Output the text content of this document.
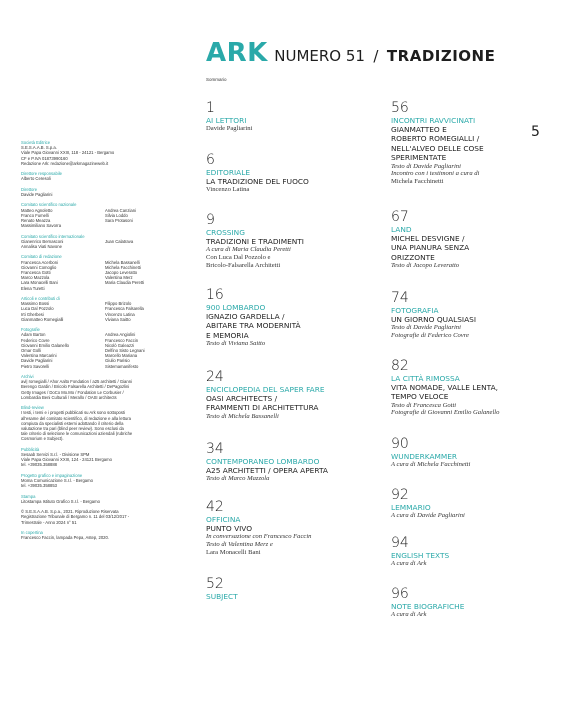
ARK NUMERO 51 / TRADIZIONE
Sommario
5
Società Editrice
S.E.S.A.A.B. S.p.a.
Viale Papa Giovanni XXIII, 118 - 24121 - Bergamo
CF e P.IVA 01873990160
Redazione Ark: redazione@arkmagazineweb.it
Direttore responsabile
Alberto Ceresoli
Direttore
Davide Pagliarini
Comitato scientifico nazionale
Matteo Agnoletto
Franco Fumelli
Renato Meazza
Massimiliano Savorra
Andrea Canziani
Silvia Loddo
Sara Protasoni
Comitato scientifico internazionale
Gianenrico Bernasconi
Annalisa Viati Navone
Juan Calatrava
Comitato di redazione
Francesca Acerboni
Giovanni Comoglio
Francesca Gotti
Marco Mazzola
Lara Monacelli Bani
Elena Turetti
Michela Bassanelli
Michela Facchinetti
Jacopo Leveratto
Valentina Merz
Maria Claudia Peretti
Articoli e contributi di
Massimo Bossi
Luca Dal Pozzolo
Irti Gherbesi
Gianmatteo Romegialli
Filippo Brizolo
Francesca Falsarella
Vincenzo Latina
Viviana Saitto
Fotografie
Adam Barton
Federico Covre
Giovanni Emilio Galanello
Omar Golli
Valentina Marcarini
Davide Pagliarini
Pietro Savorelli
Andrea Angiolini
Francesco Faccin
Nicolò Galeazzi
Delfino Sisto Legnani
Marcello Mariana
Giulio Parisio
Sistemamanifesto
Archivi
avi| romegialli / Ahor Aalto Fondation / a25 architetti / Gianni
Berengo Gardin / Bricolo Falsarella Architetti / DePagozlini
Getty Images / DoCo Mo.Mo / Fondation Le Corbusier /
Lombardia Beni Culturali / Merallo / OASI architects
Blind-review
I testi, i temi e i progetti pubblicati su Ark sono sottoposti
all'esame del comitato scientifico, di redazione e alla lettura
compiuta da specialisti esterni adottando il criterio della
valutazione tra pari (blind peer review). Sono esclusi da
tale criterio di selezione le comunicazioni aziendali (rubriche
Cosmorium e Subject).
Pubblicità
Sesaab Servizi S.r.l. - Divisione SPM
Viale Papa Giovanni XXIII, 124 - 24121 Bergamo
tel. +39035.358888
Progetto grafico e impaginazione
Moma Comunicazione S.r.l. - Bergamo
tel. +39035.358853
Stampa
Litostampa Istituto Grafico S.r.l. - Bergamo
© S.E.S.A.A.B. S.p.a., 2021. Riproduzione Riservata
Registrazione Tribunale di Bergamo n. 11 del 03/12/2017 -
Trimestrale - Anno 2024 n° 51
In copertina
Francesco Faccin, lampada Pepa, Astep, 2020.
1
AI LETTORI
Davide Pagliarini
6
EDITORIALE
LA TRADIZIONE DEL FUOCO
Vincenzo Latina
9
CROSSING
TRADIZIONI E TRADIMENTI
A cura di Maria Claudia Peretti
Con Luca Dal Pozzolo e
Bricolo-Falsarella Architetti
16
900 LOMBARDO
IGNAZIO GARDELLA /
ABITARE TRA MODERNITÀ
E MEMORIA
Testo di Viviana Saitto
24
ENCICLOPEDIA DEL SAPER FARE
OASI ARCHITECTS /
FRAMMENTI DI ARCHITETTURA
Testo di Michela Bassanelli
34
CONTEMPORANEO LOMBARDO
A25 ARCHITETTI / OPERA APERTA
Testo di Marco Mazzola
42
OFFICINA
PUNTO VIVO
In conversazione con Francesco Faccin
Testo di Valentina Merz e
Lara Monacelli Bani
52
SUBJECT
56
INCONTRI RAVVICINATI
GIANMATTEO E
ROBERTO ROMEGIALLI /
NELL'ALVEO DELLE COSE
SPERIMENTATE
Testo di Davide Pagliarini
Incontro con i testimoni a cura di
Michela Facchinetti
67
LAND
MICHEL DESVIGNE /
UNA PIANURA SENZA
ORIZZONTE
Testo di Jacopo Leveratto
74
FOTOGRAFIA
UN GIORNO QUALSIASI
Testo di Davide Pagliarini
Fotografie di Federico Covre
82
LA CITTÀ RIMOSSA
VITA NOMADE, VALLE LENTA,
TEMPO VELOCE
Testo di Francesca Gotti
Fotografie di Giovanni Emilio Galanello
90
WUNDERKAMMER
A cura di Michela Facchinetti
92
LEMMARIO
A cura di Davide Pagliarini
94
ENGLISH TEXTS
A cura di Ark
96
NOTE BIOGRAFICHE
A cura di Ark
